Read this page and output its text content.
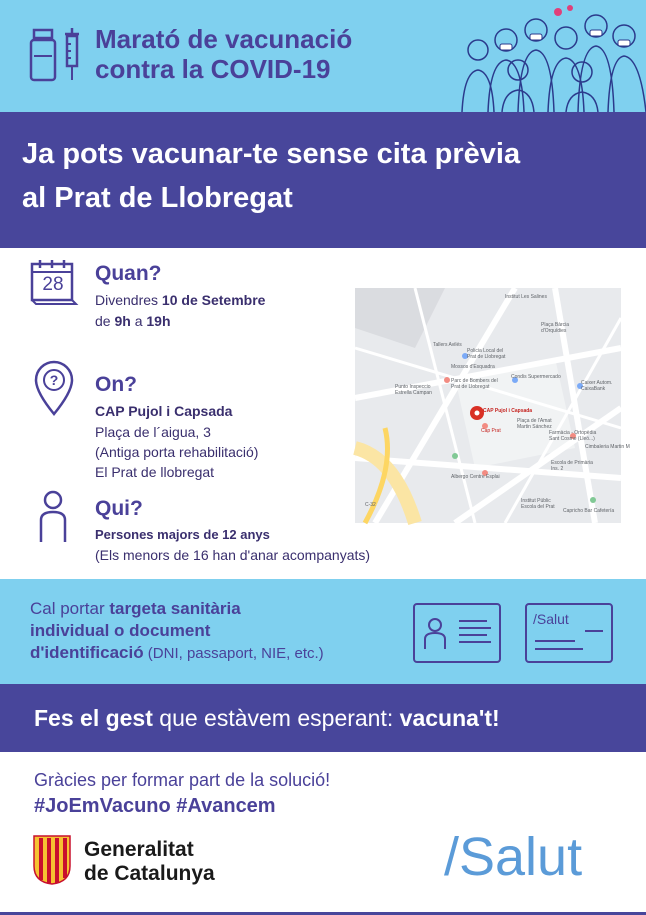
Marató de vacunació
contra la COVID-19
Ja pots vacunar-te sense cita prèvia
al Prat de Llobregat
28 Quan?
Divendres 10 de Setembre
de 9h a 19h
? On?
CAP Pujol i Capsada
Plaça de l´aigua, 3
(Antiga porta rehabilitació)
El Prat de llobregat
Qui?
Persones majors de 12 anys
(Els menors de 16 han d'anar acompanyats)
Institut Les Salines
Plaça Bàrcia
d'Orquídies
Tallers Avilés
Policia Local del
Prat de Llobregat
Mossos d'Esquadra
Punto Inspeccio
Estrella Campan
Parc de Bombers del
Prat de Llobregat
Condis Supermercado
Caixer Autom.
CaixaBank
CAP Pujol i Capsada
Cap Prat
Plaça de l'Amat
Martin Sánchez
Farmàcia - Ortopèdia
Sant Cosme (Lleó...)
Cimbaleria Martin M
Albergo Centre Esplai
Escola de Primària
Ins. 2
Institut Públic
Escola del Prat
Capricho Bar Cafetería
C-32
Cal portar targeta sanitària
individual o document
d'identificació (DNI, passaport, NIE, etc.)
/Salut
Fes el gest que estàvem esperant: vacuna't!
Gràcies per formar part de la solució!
#JoEmVacuno #Avancem
Generalitat
de Catalunya	/Salut
